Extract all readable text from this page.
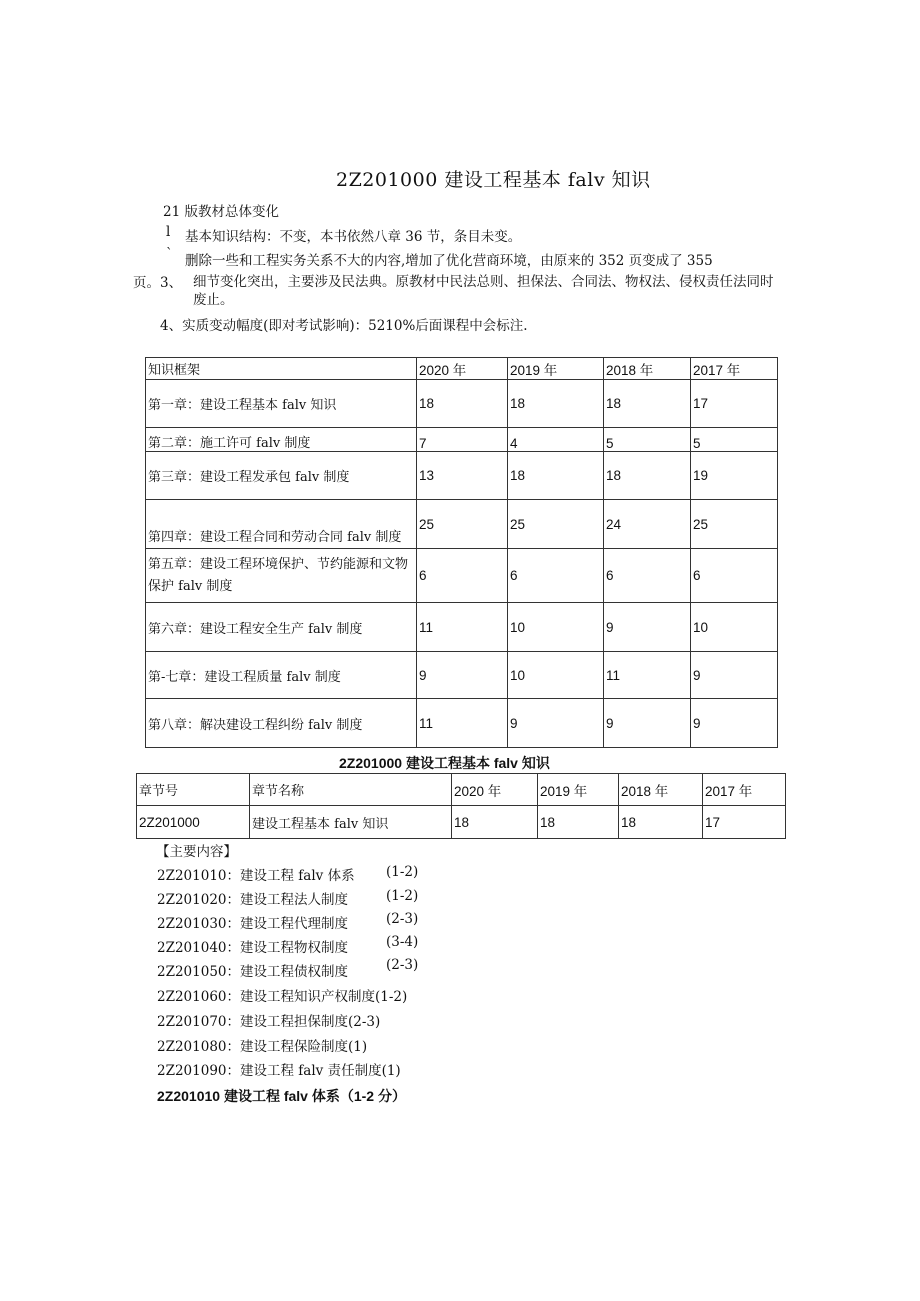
2Z201000 建设工程基本 falv 知识
21 版教材总体变化
l 基本知识结构：不变，本书依然八章 36 节，条目未变。
` 删除一些和工程实务关系不大的内容,增加了优化营商环境，由原来的 352 页变成了 355
页。3、 细节变化突出，主要涉及民法典。原教材中民法总则、担保法、合同法、物权法、侵权责任法同时
废止。
4、实质变动幅度(即对考试影响)：5210%后面课程中会标注.
知识框架	2020 年	2019 年	2018 年	2017 年
第一章：建设工程基本 falv 知识	18	18	18	17
第二章：施工许可 falv 制度	7	4	5	5
第三章：建设工程发承包 falv 制度	13	18	18	19
第四章：建设工程合同和劳动合同 falv 制度	25	25	24	25
第五章：建设工程环境保护、节约能源和文物保护 falv 制度	6	6	6	6
第六章：建设工程安全生产 falv 制度	11	10	9	10
第-七章：建设工程质量 falv 制度	9	10	11	9
第八章：解决建设工程纠纷 falv 制度	11	9	9	9
2Z201000 建设工程基本 falv 知识
章节号	章节名称	2020 年	2019 年	2018 年	2017 年
2Z201000	建设工程基本 falv 知识	18	18	18	17
【主要内容】
2Z201010：建设工程 falv 体系 (1-2)
2Z201020：建设工程法人制度	(1-2)
2Z201030：建设工程代理制度	(2-3)
2Z201040：建设工程物权制度	(3-4)
2Z201050：建设工程债权制度	(2-3)
2Z201060：建设工程知识产权制度(1-2)
2Z201070：建设工程担保制度(2-3)
2Z201080：建设工程保险制度(1)
2Z201090：建设工程 falv 责任制度(1)
2Z201010 建设工程 falv 体系（1-2 分）
